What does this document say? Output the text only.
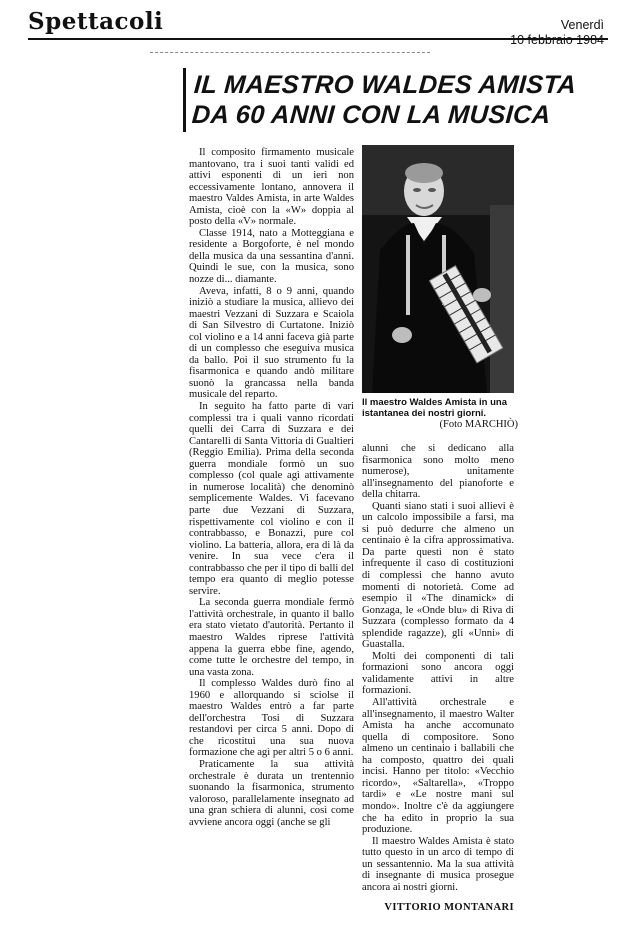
Spettacoli	Venerdì
10 febbraio 1984
IL MAESTRO WALDES AMISTA
DA 60 ANNI CON LA MUSICA

Il composito firmamento musicale mantovano, tra i suoi tanti validi ed attivi esponenti di un ieri non eccessivamente lontano, annovera il maestro Valdes Amista, in arte Waldes Amista, cioè con la «W» doppia al posto della «V» normale.

Classe 1914, nato a Motteggiana e residente a Borgoforte, è nel mondo della musica da una sessantina d'anni. Quindi le sue, con la musica, sono nozze di... diamante.

Aveva, infatti, 8 o 9 anni, quando iniziò a studiare la musica, allievo dei maestri Vezzani di Suzzara e Scaiola di San Silvestro di Curtatone. Iniziò col violino e a 14 anni faceva già parte di un complesso che eseguiva musica da ballo. Poi il suo strumento fu la fisarmonica e quando andò militare suonò la grancassa nella banda musicale del reparto.

In seguito ha fatto parte di vari complessi tra i quali vanno ricordati quelli dei Carra di Suzzara e dei Cantarelli di Santa Vittoria di Gualtieri (Reggio Emilia). Prima della seconda guerra mondiale formò un suo complesso (col quale agì attivamente in numerose località) che denominò semplicemente Waldes. Vi facevano parte due Vezzani di Suzzara, rispettivamente col violino e con il contrabbasso, e Bonazzi, pure col violino. La batteria, allora, era di là da venire. In sua vece c'era il contrabbasso che per il tipo di balli del tempo era quanto di meglio potesse servire.

La seconda guerra mondiale fermò l'attività orchestrale, in quanto il ballo era stato vietato d'autorità. Pertanto il maestro Waldes riprese l'attività appena la guerra ebbe fine, agendo, come tutte le orchestre del tempo, in una vasta zona.

Il complesso Waldes durò fino al 1960 e allorquando si sciolse il maestro Waldes entrò a far parte dell'orchestra Tosi di Suzzara restandovi per circa 5 anni. Dopo di che ricostituì una sua nuova formazione che agì per altri 5 o 6 anni.

Praticamente la sua attività orchestrale è durata un trentennio suonando la fisarmonica, strumento valoroso, parallelamente insegnato ad una gran schiera di alunni, così come avviene ancora oggi (anche se gli

Il maestro Waldes Amista in una istantanea dei nostri giorni.
(Foto MARCHIÒ)

alunni che si dedicano alla fisarmonica sono molto meno numerose), unitamente all'insegnamento del pianoforte e della chitarra.

Quanti siano stati i suoi allievi è un calcolo impossibile a farsi, ma si può dedurre che almeno un centinaio è la cifra approssimativa. Da parte questi non è stato infrequente il caso di costituzioni di complessi che hanno avuto momenti di notorietà. Come ad esempio il «The dinamick» di Gonzaga, le «Onde blu» di Riva di Suzzara (complesso formato da 4 splendide ragazze), gli «Unni» di Guastalla.

Molti dei componenti di tali formazioni sono ancora oggi validamente attivi in altre formazioni.

All'attività orchestrale e all'insegnamento, il maestro Walter Amista ha anche accomunato quella di compositore. Sono almeno un centinaio i ballabili che ha composto, quattro dei quali incisi. Hanno per titolo: «Vecchio ricordo», «Saltarella», «Troppo tardi» e «Le nostre mani sul mondo». Inoltre c'è da aggiungere che ha edito in proprio la sua produzione.

Il maestro Waldes Amista è stato tutto questo in un arco di tempo di un sessantennio. Ma la sua attività di insegnante di musica prosegue ancora ai nostri giorni.

VITTORIO MONTANARI
